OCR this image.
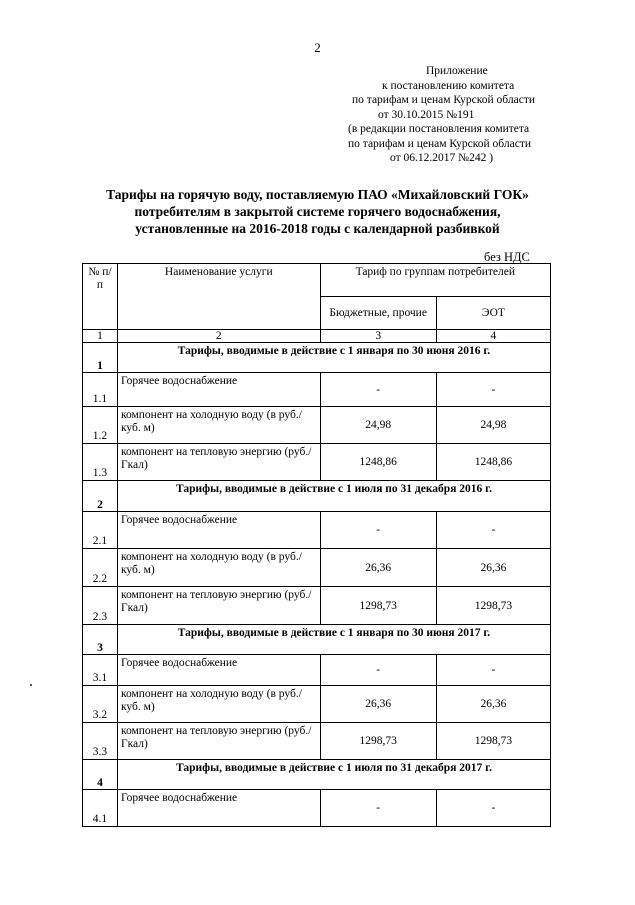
2
Приложение
к постановлению комитета
по тарифам и ценам Курской области
от 30.10.2015 №191
(в редакции постановления комитета
по тарифам и ценам Курской области
от 06.12.2017 №242 )
Тарифы на горячую воду, поставляемую ПАО «Михайловский ГОК»
потребителям в закрытой системе горячего водоснабжения,
установленные на 2016-2018 годы с календарной разбивкой
без НДС
№ п/п	Наименование услуги	Тариф по группам потребителей	
		Бюджетные, прочие	ЭОТ
1	2	3	4
1	Тарифы, вводимые в действие с 1 января по 30 июня 2016 г.		
1.1	Горячее водоснабжение	-	-
1.2	компонент на холодную воду (в руб./куб. м)	24,98	24,98
1.3	компонент на тепловую энергию (руб./Гкал)	1248,86	1248,86
2	Тарифы, вводимые в действие с 1 июля по 31 декабря 2016 г.		
2.1	Горячее водоснабжение	-	-
2.2	компонент на холодную воду (в руб./куб. м)	26,36	26,36
2.3	компонент на тепловую энергию (руб./Гкал)	1298,73	1298,73
3	Тарифы, вводимые в действие с 1 января по 30 июня 2017 г.		
3.1	Горячее водоснабжение	-	-
3.2	компонент на холодную воду (в руб./куб. м)	26,36	26,36
3.3	компонент на тепловую энергию (руб./Гкал)	1298,73	1298,73
4	Тарифы, вводимые в действие с 1 июля по 31 декабря 2017 г.		
4.1	Горячее водоснабжение	-	-
